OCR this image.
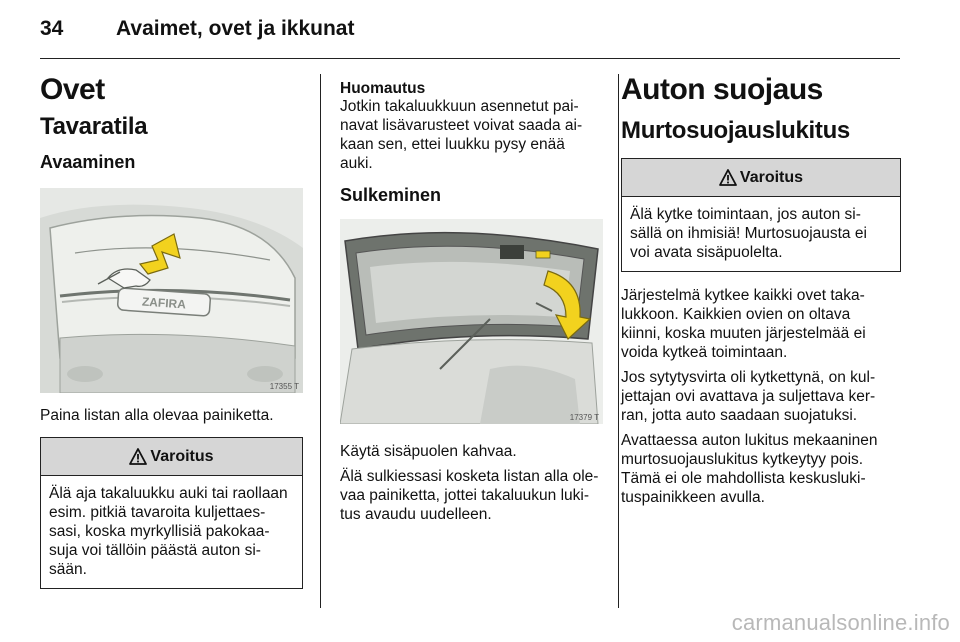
34	Avaimet, ovet ja ikkunat
Ovet
Tavaratila
Avaaminen
ZAFIRA
17355 T

Paina listan alla olevaa painiketta.

Varoitus
Älä aja takaluukku auki tai raollaan
esim. pitkiä tavaroita kuljettaes-
sasi, koska myrkyllisiä pakokaa-
suja voi tällöin päästä auton si-
sään.
Huomautus

Jotkin takaluukkuun asennetut pai-

navat lisävarusteet voivat saada ai-

kaan sen, ettei luukku pysy enää

auki.

Sulkeminen
17379 T

Käytä sisäpuolen kahvaa.

Älä sulkiessasi kosketa listan alla ole-

vaa painiketta, jottei takaluukun luki-

tus avaudu uudelleen.

Auton suojaus
Murtosuojauslukitus
Varoitus
Älä kytke toimintaan, jos auton si-
sällä on ihmisiä! Murtosuojausta ei
voi avata sisäpuolelta.

Järjestelmä kytkee kaikki ovet taka-

lukkoon. Kaikkien ovien on oltava

kiinni, koska muuten järjestelmää ei

voida kytkeä toimintaan.

Jos sytytysvirta oli kytkettynä, on kul-

jettajan ovi avattava ja suljettava ker-

ran, jotta auto saadaan suojatuksi.

Avattaessa auton lukitus mekaaninen

murtosuojauslukitus kytkeytyy pois.

Tämä ei ole mahdollista keskusluki-

tuspainikkeen avulla.

carmanualsonline.info
